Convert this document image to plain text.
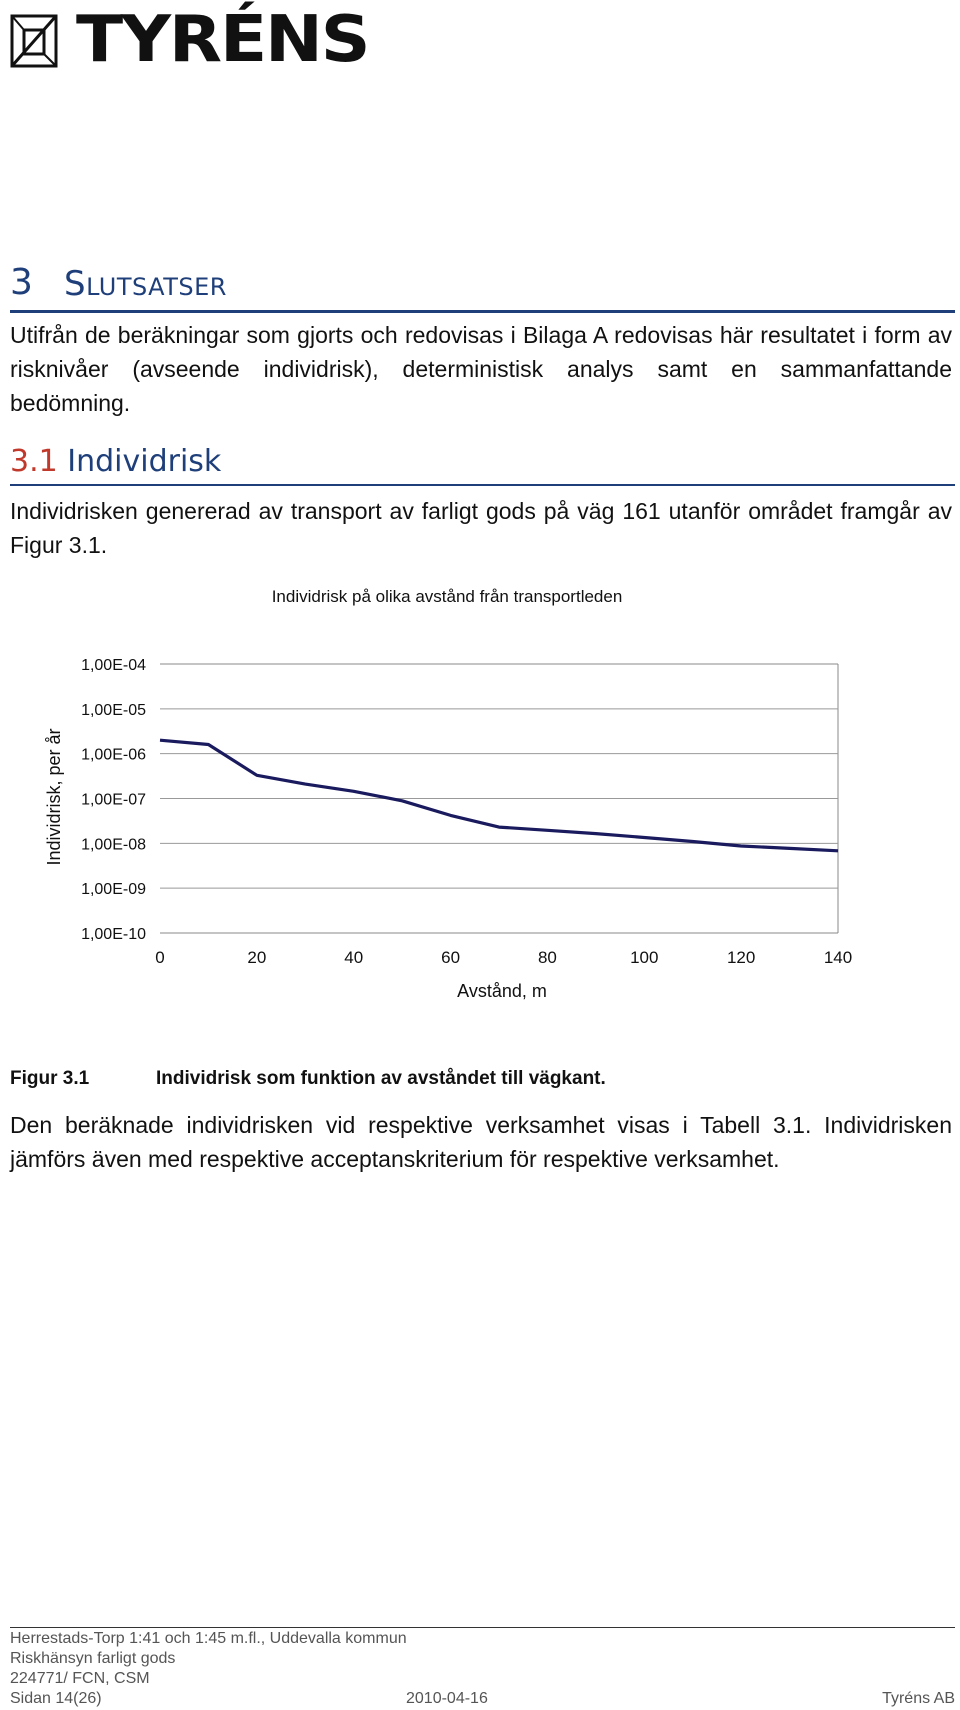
TYRÉNS
3 Slutsatser
Utifrån de beräkningar som gjorts och redovisas i Bilaga A redovisas här resultatet i form av risknivåer (avseende individrisk), deterministisk analys samt en sammanfattande bedömning.
3.1 Individrisk
Individrisken genererad av transport av farligt gods på väg 161 utanför området framgår av Figur 3.1.
Individrisk på olika avstånd från transportleden
1,00E-04
1,00E-05
1,00E-06
1,00E-07
1,00E-08
1,00E-09
1,00E-10
0	20	40	60	80	100	120	140
Individrisk, per år
Avstånd, m
Figur 3.1	Individrisk som funktion av avståndet till vägkant.
Den beräknade individrisken vid respektive verksamhet visas i Tabell 3.1. Individrisken jämförs även med respektive acceptanskriterium för respektive verksamhet.
Herrestads-Torp 1:41 och 1:45 m.fl., Uddevalla kommun
Riskhänsyn farligt gods
224771/ FCN, CSM
Sidan 14(26)	2010-04-16	Tyréns AB
